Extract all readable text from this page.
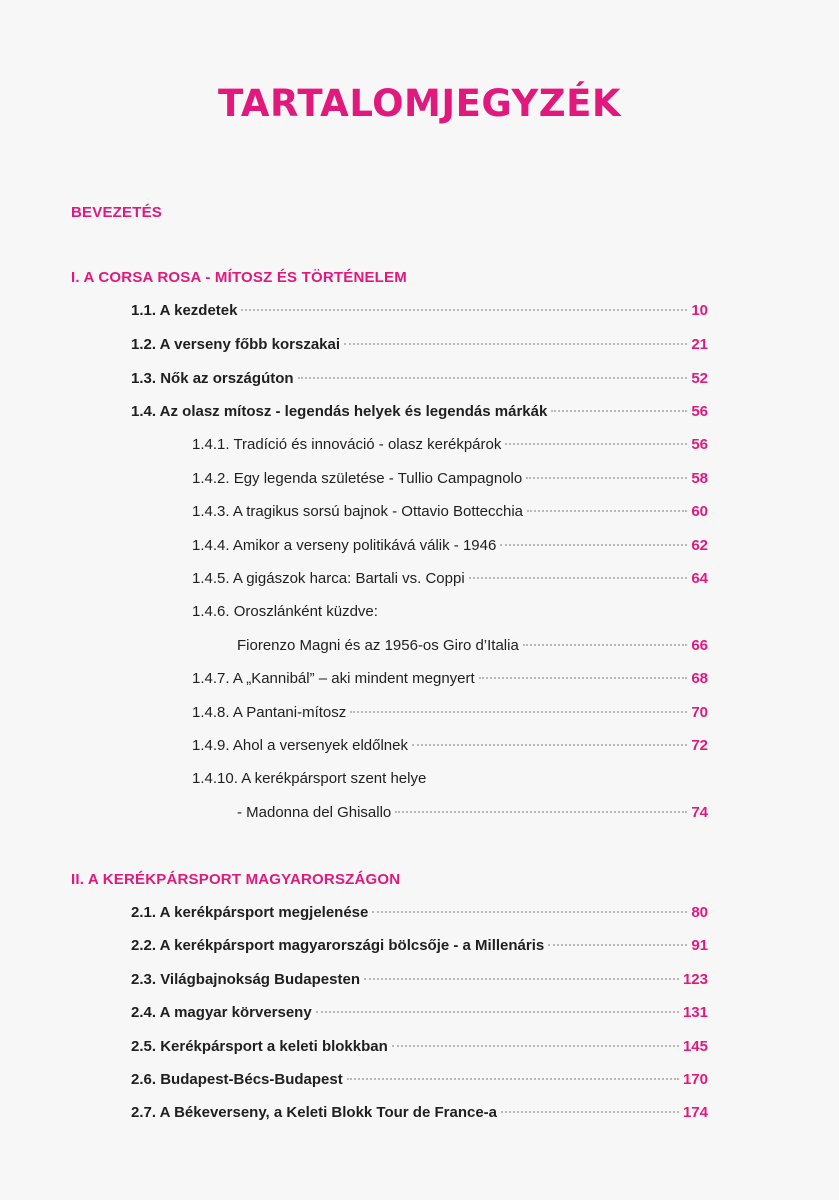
TARTALOMJEGYZÉK
BEVEZETÉS
I. A CORSA ROSA - MÍTOSZ ÉS TÖRTÉNELEM
1.1. A kezdetek	10
1.2. A verseny főbb korszakai	21
1.3. Nők az országúton	52
1.4. Az olasz mítosz - legendás helyek és legendás márkák	56
1.4.1. Tradíció és innováció - olasz kerékpárok	56
1.4.2. Egy legenda születése - Tullio Campagnolo	58
1.4.3. A tragikus sorsú bajnok - Ottavio Bottecchia	60
1.4.4. Amikor a verseny politikává válik - 1946	62
1.4.5. A gigászok harca: Bartali vs. Coppi	64
1.4.6. Oroszlánként küzdve:
Fiorenzo Magni és az 1956-os Giro d’Italia	66
1.4.7. A „Kannibál” – aki mindent megnyert	68
1.4.8. A Pantani-mítosz	70
1.4.9. Ahol a versenyek eldőlnek	72
1.4.10. A kerékpársport szent helye
- Madonna del Ghisallo	74
II. A KERÉKPÁRSPORT MAGYARORSZÁGON
2.1. A kerékpársport megjelenése	80
2.2. A kerékpársport magyarországi bölcsője - a Millenáris	91
2.3. Világbajnokság Budapesten	123
2.4. A magyar körverseny	131
2.5. Kerékpársport a keleti blokkban	145
2.6. Budapest-Bécs-Budapest	170
2.7. A Békeverseny, a Keleti Blokk Tour de France-a	174
